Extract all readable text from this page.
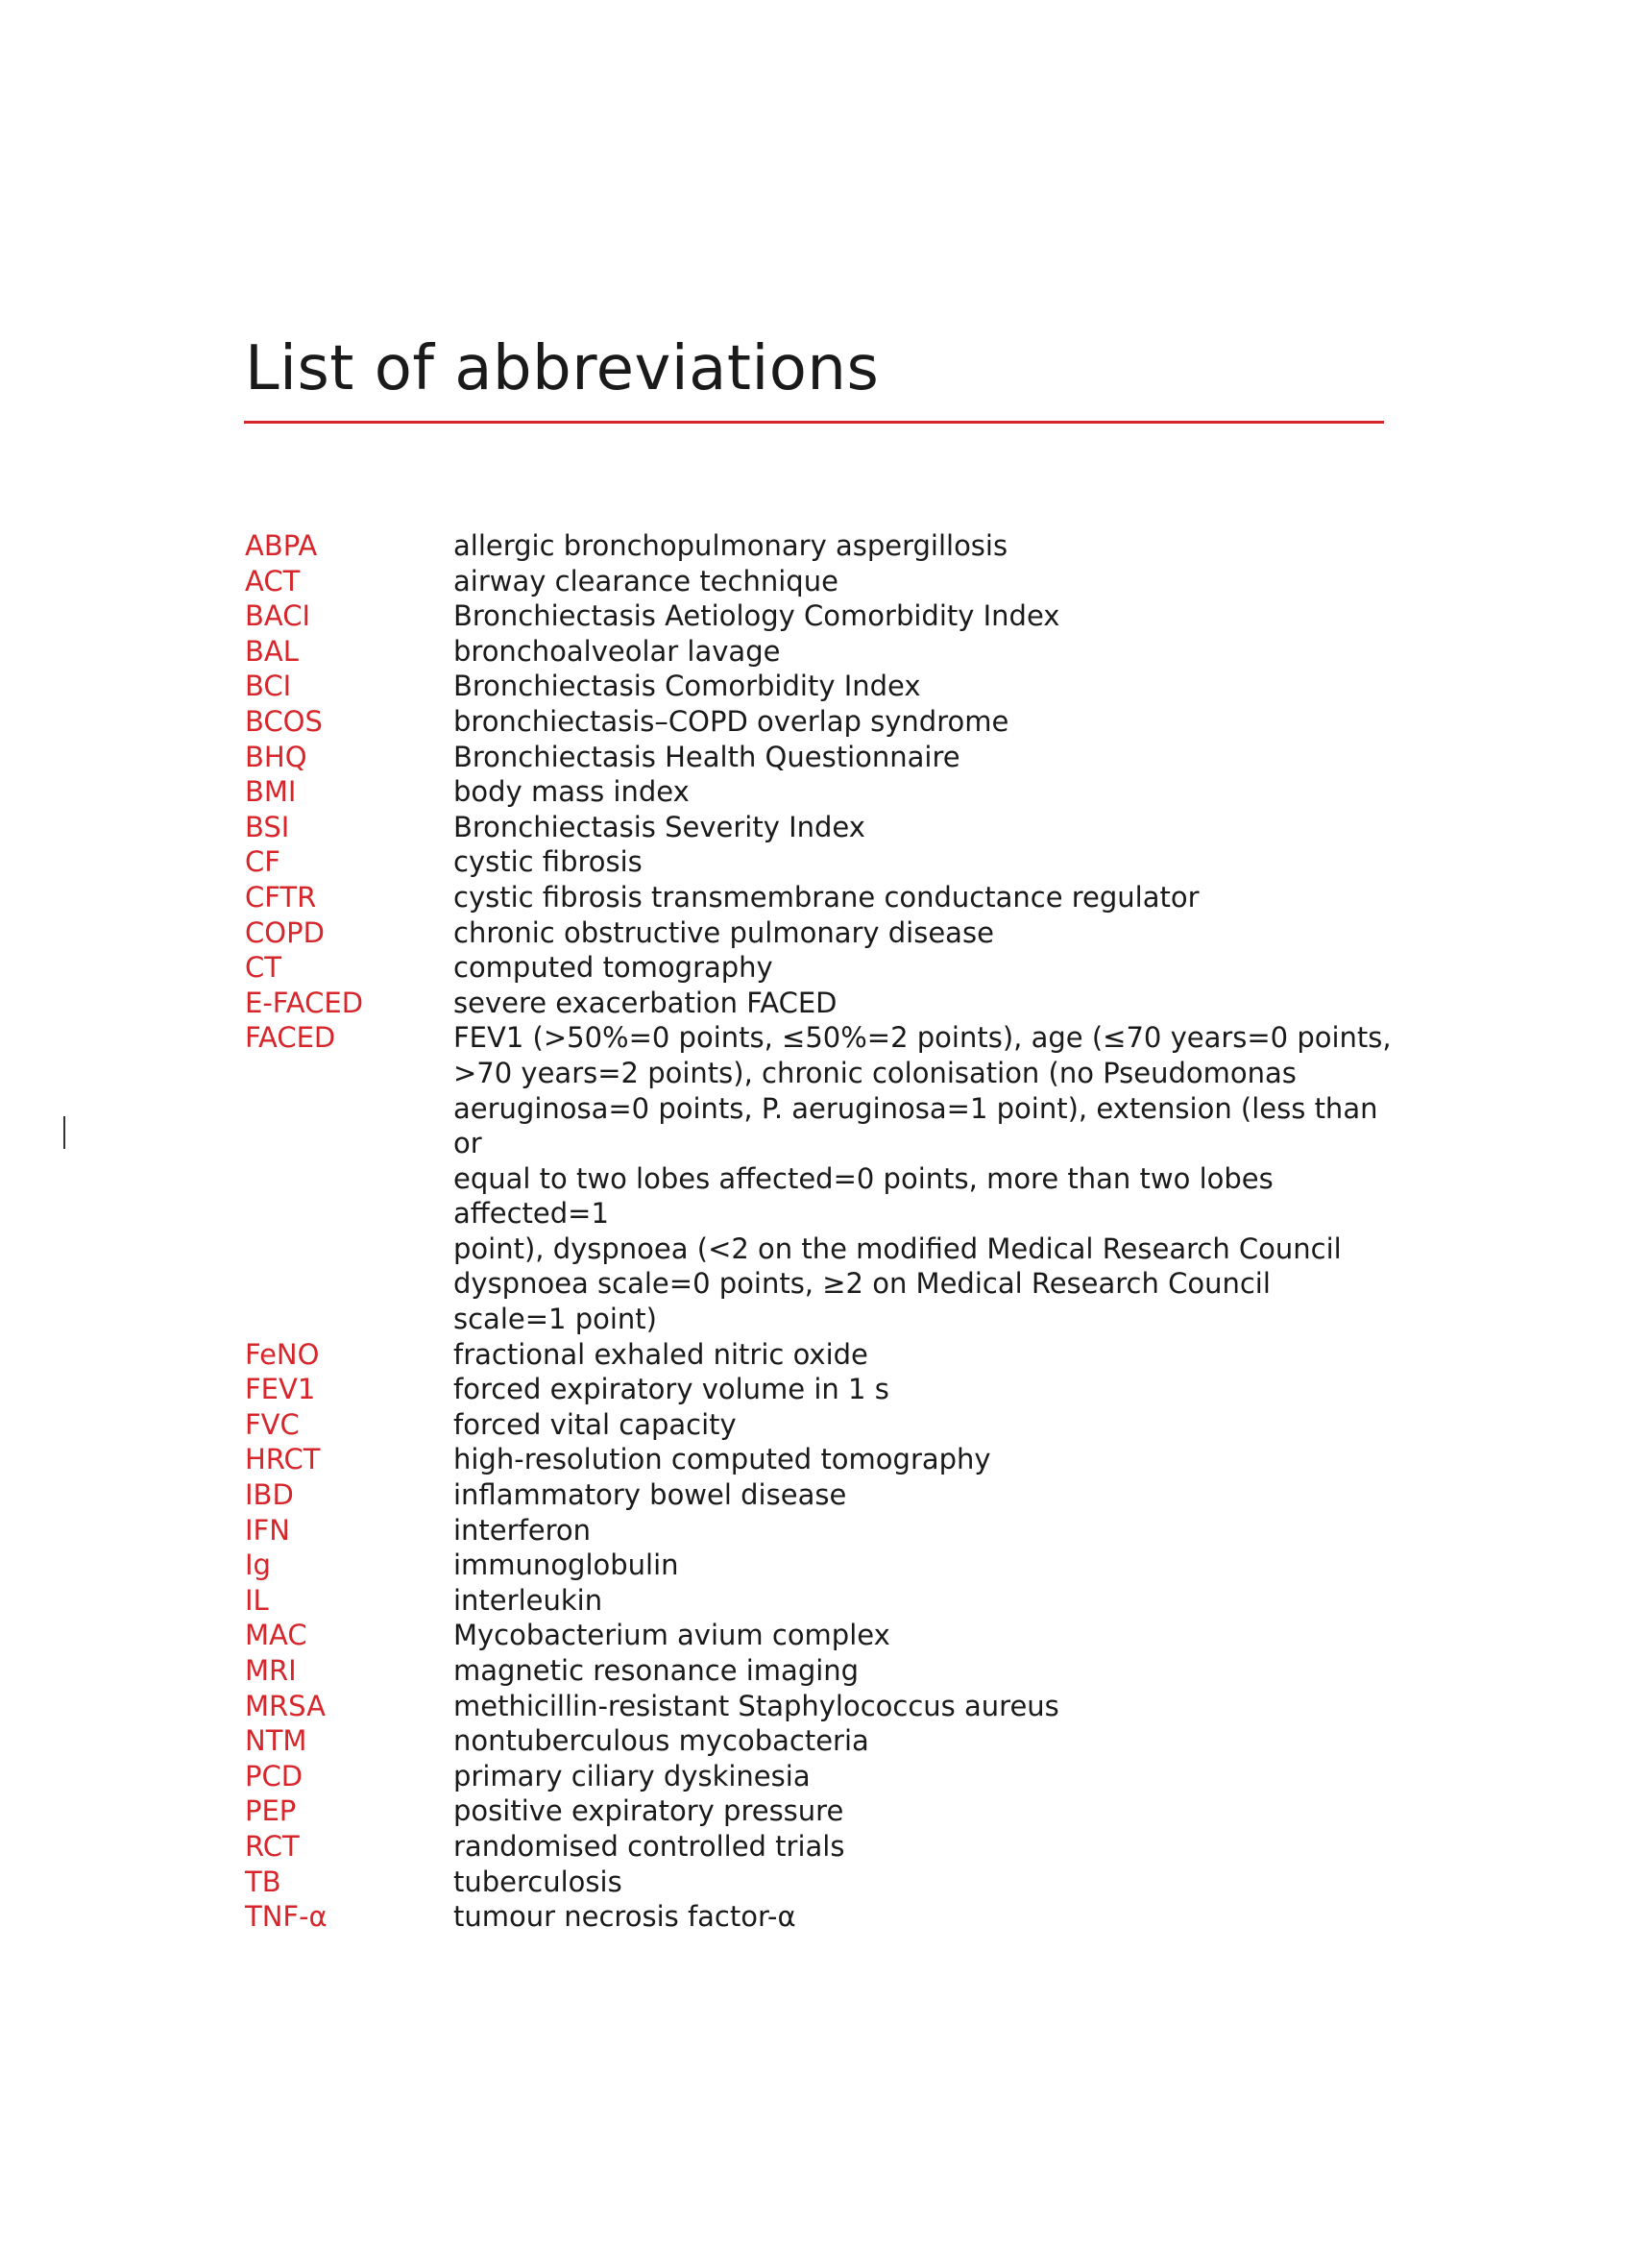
List of abbreviations
ABPA	allergic bronchopulmonary aspergillosis
ACT	airway clearance technique
BACI	Bronchiectasis Aetiology Comorbidity Index
BAL	bronchoalveolar lavage
BCI	Bronchiectasis Comorbidity Index
BCOS	bronchiectasis–COPD overlap syndrome
BHQ	Bronchiectasis Health Questionnaire
BMI	body mass index
BSI	Bronchiectasis Severity Index
CF	cystic fibrosis
CFTR	cystic fibrosis transmembrane conductance regulator
COPD	chronic obstructive pulmonary disease
CT	computed tomography
E-FACED	severe exacerbation FACED
FACED	FEV1 (>50%=0 points, ≤50%=2 points), age (≤70 years=0 points,
>70 years=2 points), chronic colonisation (no Pseudomonas
aeruginosa=0 points, P. aeruginosa=1 point), extension (less than or
equal to two lobes affected=0 points, more than two lobes affected=1
point), dyspnoea (<2 on the modified Medical Research Council
dyspnoea scale=0 points, ≥2 on Medical Research Council
scale=1 point)
FeNO	fractional exhaled nitric oxide
FEV1	forced expiratory volume in 1 s
FVC	forced vital capacity
HRCT	high-resolution computed tomography
IBD	inflammatory bowel disease
IFN	interferon
Ig	immunoglobulin
IL	interleukin
MAC	Mycobacterium avium complex
MRI	magnetic resonance imaging
MRSA	methicillin-resistant Staphylococcus aureus
NTM	nontuberculous mycobacteria
PCD	primary ciliary dyskinesia
PEP	positive expiratory pressure
RCT	randomised controlled trials
TB	tuberculosis
TNF-α	tumour necrosis factor-α
